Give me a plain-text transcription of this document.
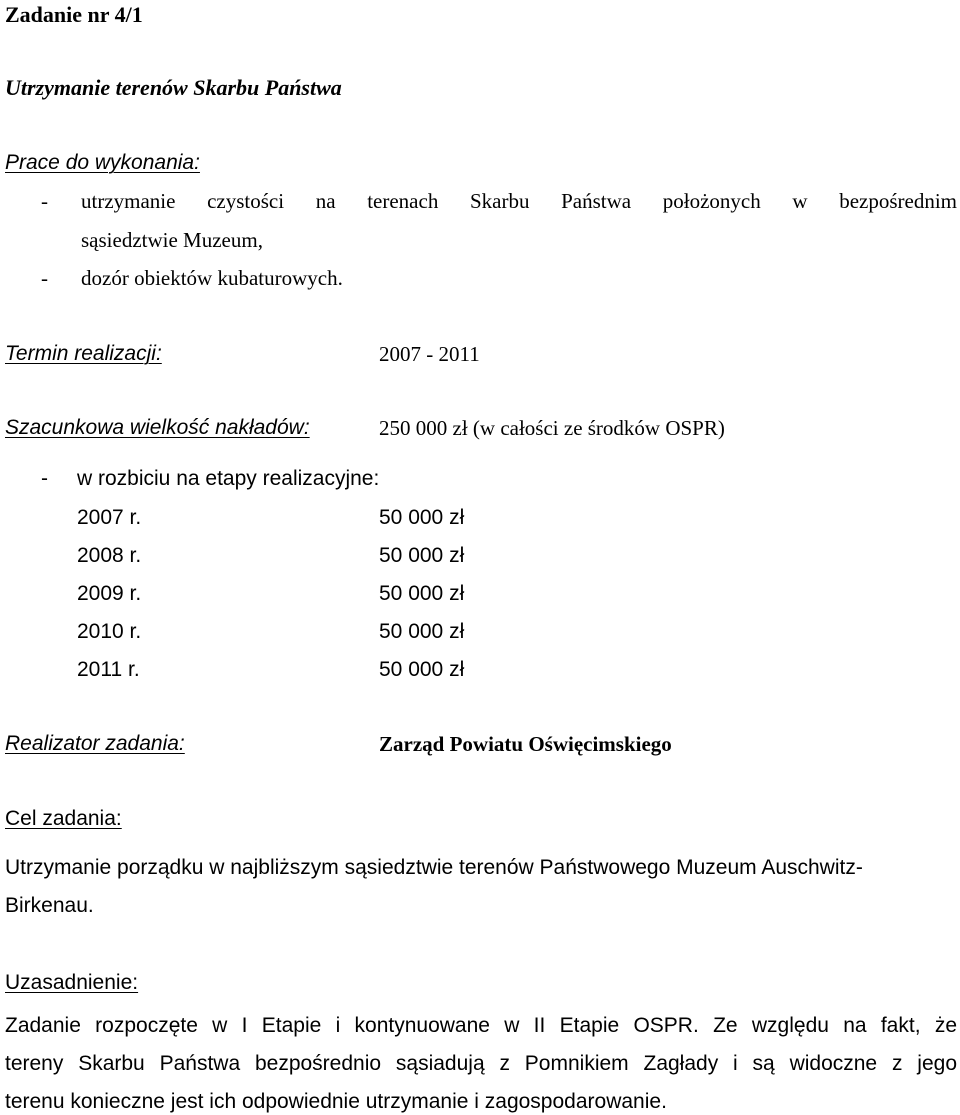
Zadanie nr 4/1
Utrzymanie terenów Skarbu Państwa
Prace do wykonania:
- utrzymanie czystości na terenach Skarbu Państwa położonych w bezpośrednim
sąsiedztwie Muzeum,
- dozór obiektów kubaturowych.
Termin realizacji:	2007 - 2011
Szacunkowa wielkość nakładów:	250 000 zł (w całości ze środków OSPR)
- w rozbiciu na etapy realizacyjne:
2007 r.	50 000 zł
2008 r.	50 000 zł
2009 r.	50 000 zł
2010 r.	50 000 zł
2011 r.	50 000 zł
Realizator zadania:	Zarząd Powiatu Oświęcimskiego
Cel zadania:
Utrzymanie porządku w najbliższym sąsiedztwie terenów Państwowego Muzeum Auschwitz-
Birkenau.
Uzasadnienie:
Zadanie rozpoczęte w I Etapie i kontynuowane w II Etapie OSPR. Ze względu na fakt, że
tereny Skarbu Państwa bezpośrednio sąsiadują z Pomnikiem Zagłady i są widoczne z jego
terenu konieczne jest ich odpowiednie utrzymanie i zagospodarowanie.
